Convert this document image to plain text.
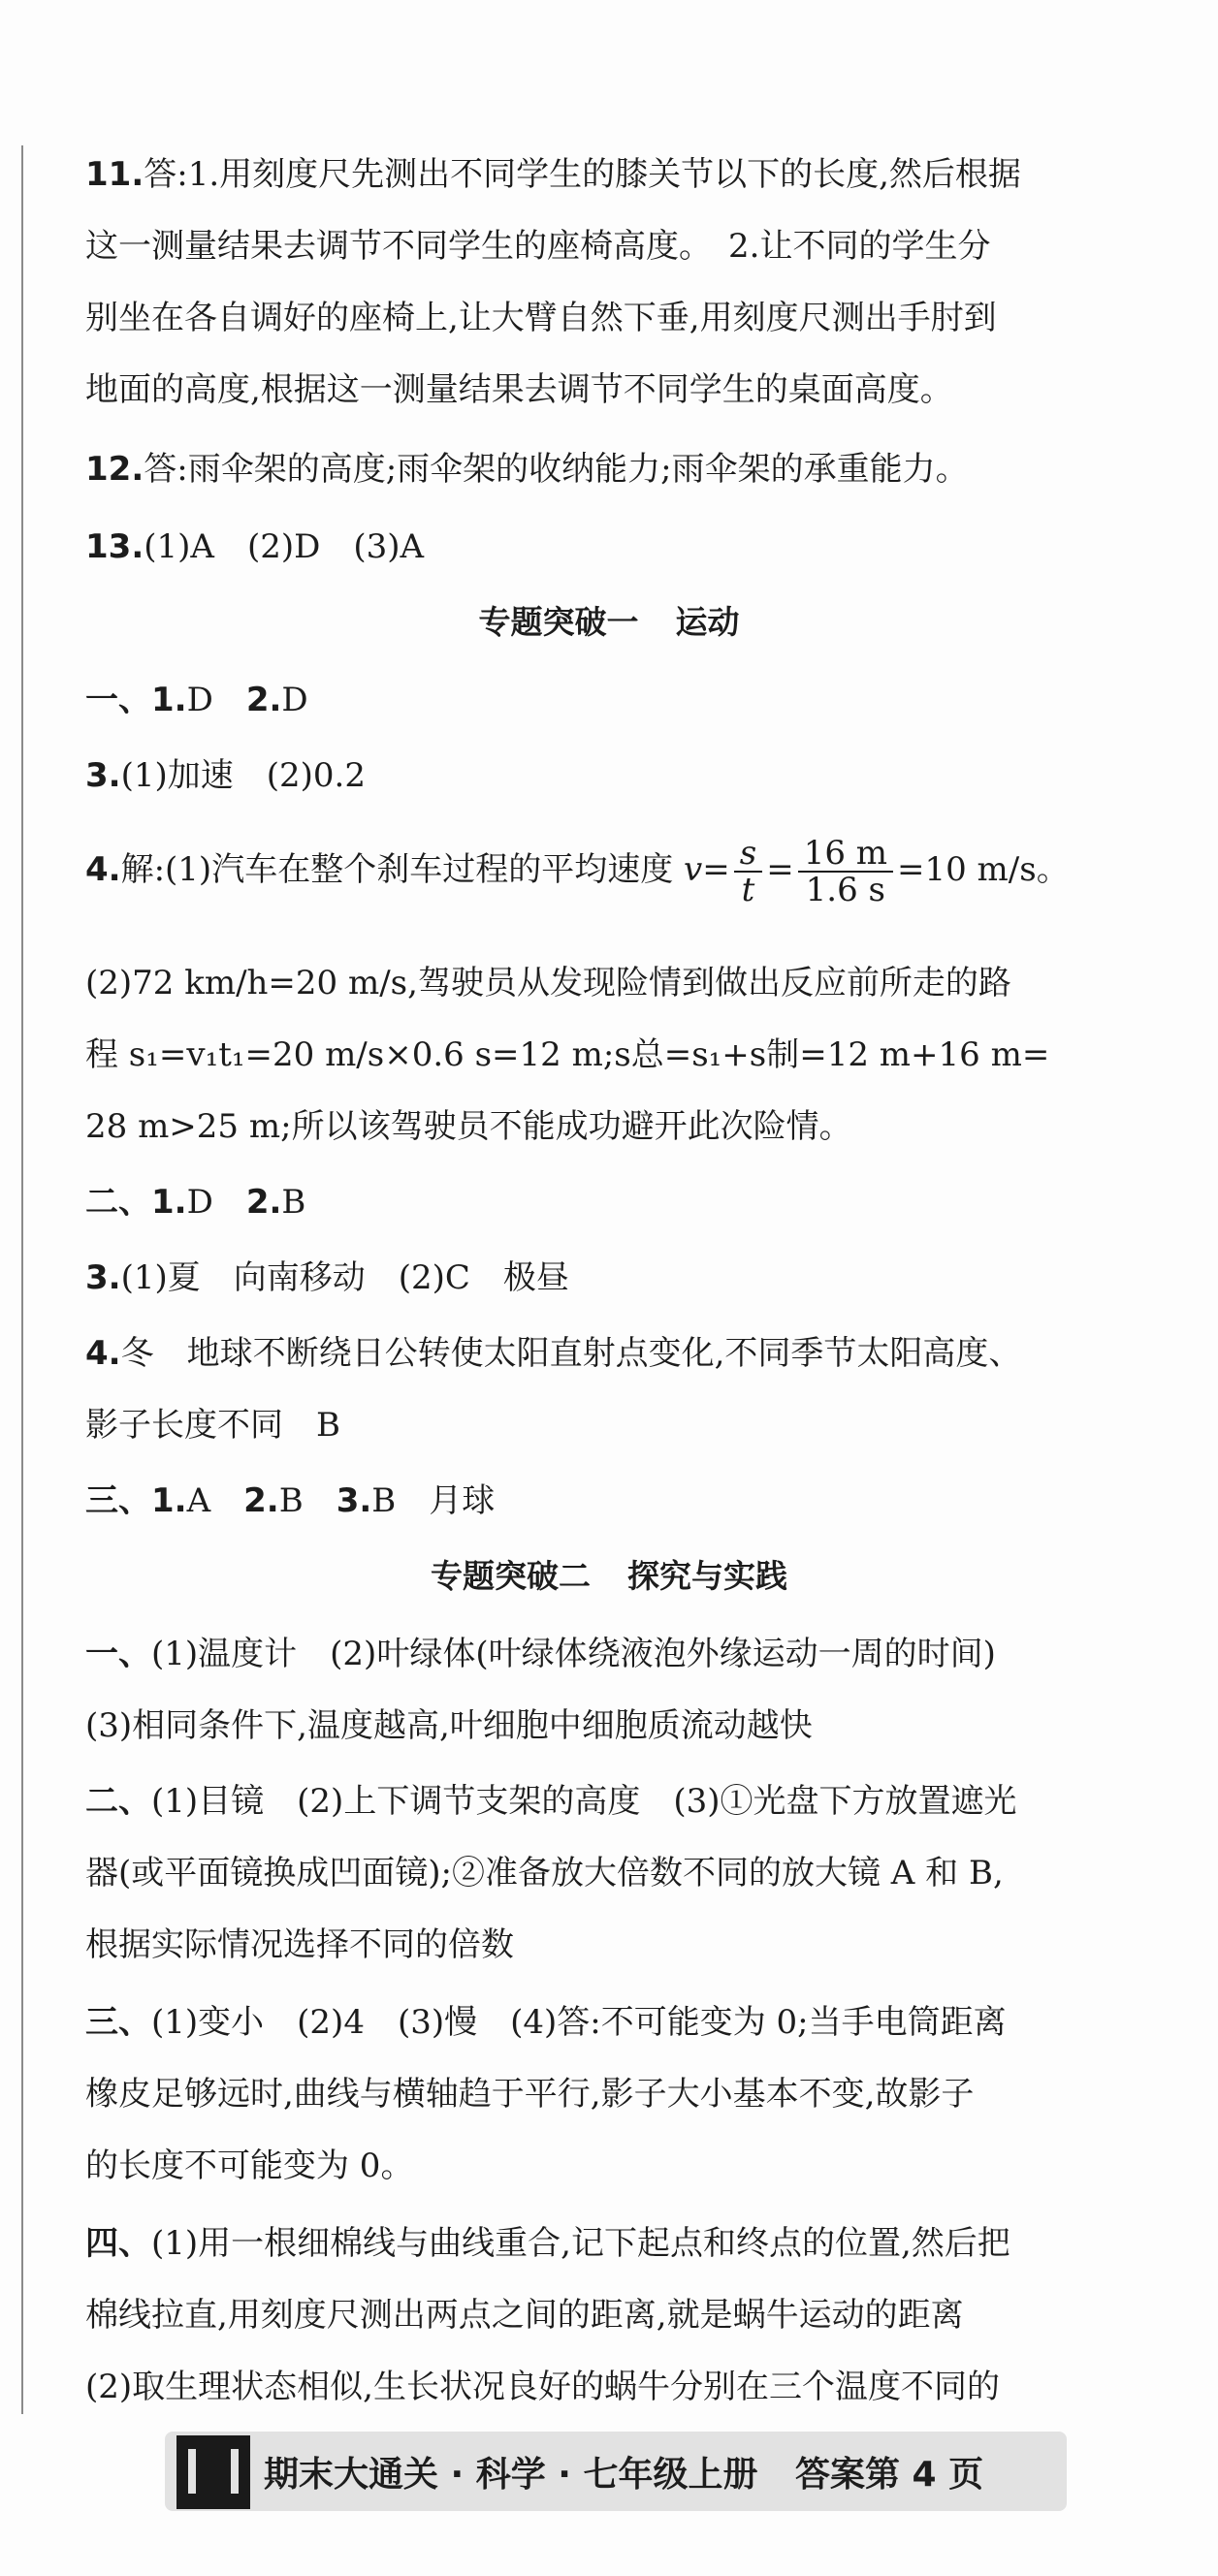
11.答:1.用刻度尺先测出不同学生的膝关节以下的长度,然后根据
这一测量结果去调节不同学生的座椅高度。　2.让不同的学生分
别坐在各自调好的座椅上,让大臂自然下垂,用刻度尺测出手肘到
地面的高度,根据这一测量结果去调节不同学生的桌面高度。
12.答:雨伞架的高度;雨伞架的收纳能力;雨伞架的承重能力。
13.(1)A　(2)D　(3)A
专题突破一 运动
一、1.D　2.D
3.(1)加速　(2)0.2
4.解:(1)汽车在整个刹车过程的平均速度 $v= \frac{s}{t} = \frac{16 m}{1.6 s} =10$ m/s。
(2)72 km/h=20 m/s,驾驶员从发现险情到做出反应前所走的路
程 s₁=v₁t₁=20 m/s×0.6 s=12 m;s总=s₁+s制=12 m+16 m=
28 m>25 m;所以该驾驶员不能成功避开此次险情。
二、1.D　2.B
3.(1)夏　向南移动　(2)C　极昼
4.冬　地球不断绕日公转使太阳直射点变化,不同季节太阳高度、
影子长度不同　B
三、1.A　2.B　3.B　月球
专题突破二 探究与实践
一、(1)温度计　(2)叶绿体(叶绿体绕液泡外缘运动一周的时间)
(3)相同条件下,温度越高,叶细胞中细胞质流动越快
二、(1)目镜　(2)上下调节支架的高度　(3)①光盘下方放置遮光
器(或平面镜换成凹面镜);②准备放大倍数不同的放大镜 A 和 B,
根据实际情况选择不同的倍数
三、(1)变小　(2)4　(3)慢　(4)答:不可能变为 0;当手电筒距离
橡皮足够远时,曲线与横轴趋于平行,影子大小基本不变,故影子
的长度不可能变为 0。
四、(1)用一根细棉线与曲线重合,记下起点和终点的位置,然后把
棉线拉直,用刻度尺测出两点之间的距离,就是蜗牛运动的距离
(2)取生理状态相似,生长状况良好的蜗牛分别在三个温度不同的
期末大通关 · 科学 · 七年级上册 答案第 4 页
